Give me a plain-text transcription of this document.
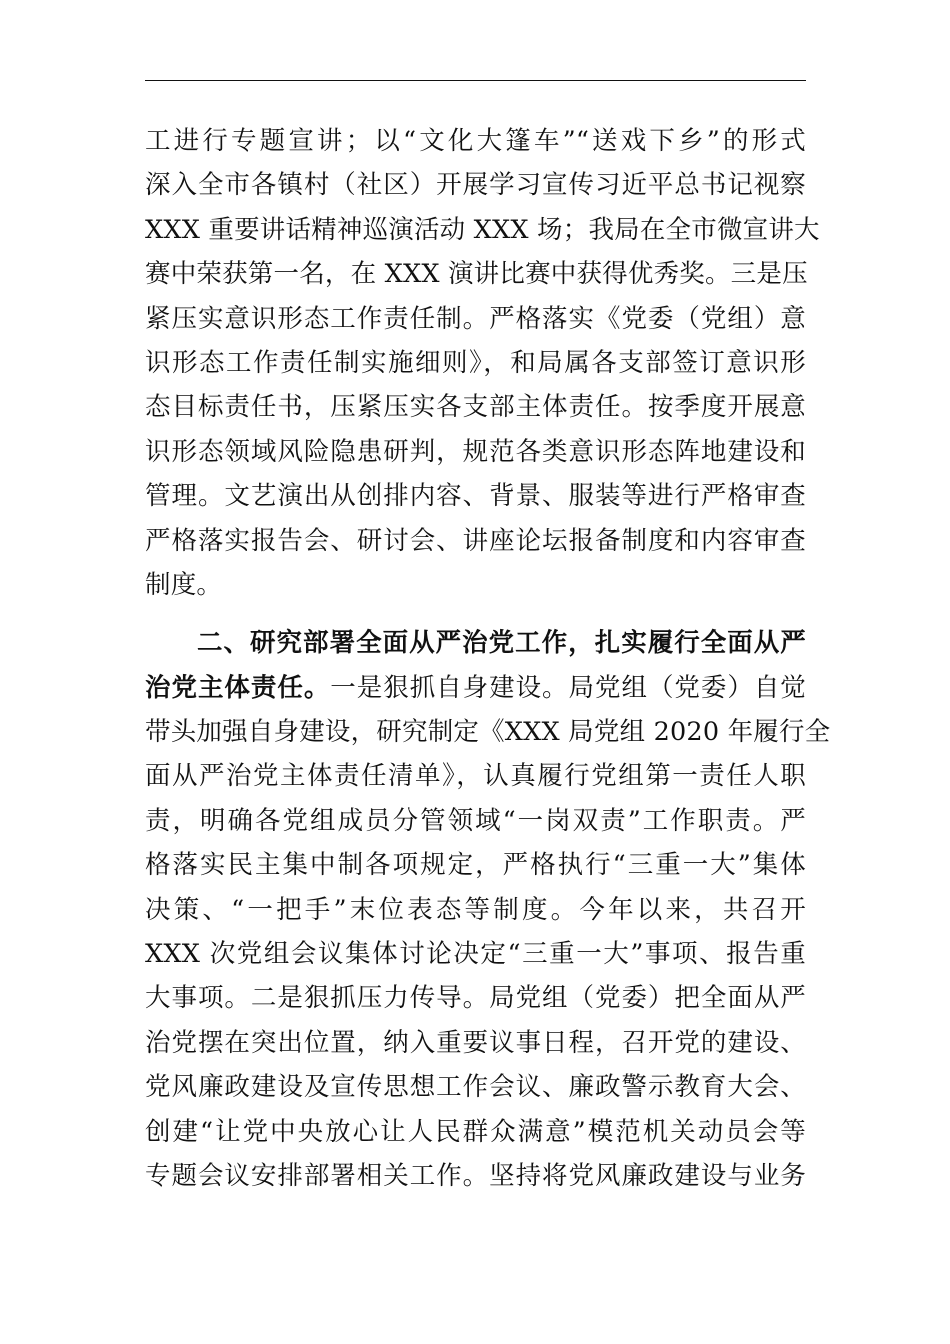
工进行专题宣讲；以“文化大篷车”“送戏下乡”的形式
深入全市各镇村（社区）开展学习宣传习近平总书记视察
XXX 重要讲话精神巡演活动 XXX 场；我局在全市微宣讲大
赛中荣获第一名，在 XXX 演讲比赛中获得优秀奖。三是压
紧压实意识形态工作责任制。严格落实《党委（党组）意
识形态工作责任制实施细则》，和局属各支部签订意识形
态目标责任书，压紧压实各支部主体责任。按季度开展意
识形态领域风险隐患研判，规范各类意识形态阵地建设和
管理。文艺演出从创排内容、背景、服装等进行严格审查
严格落实报告会、研讨会、讲座论坛报备制度和内容审查
制度。
二、研究部署全面从严治党工作，扎实履行全面从严
治党主体责任。一是狠抓自身建设。局党组（党委）自觉
带头加强自身建设，研究制定《XXX 局党组 2020 年履行全
面从严治党主体责任清单》，认真履行党组第一责任人职
责，明确各党组成员分管领域“一岗双责”工作职责。严
格落实民主集中制各项规定，严格执行“三重一大”集体
决策、“一把手”末位表态等制度。今年以来，共召开
XXX 次党组会议集体讨论决定“三重一大”事项、报告重
大事项。二是狠抓压力传导。局党组（党委）把全面从严
治党摆在突出位置，纳入重要议事日程，召开党的建设、
党风廉政建设及宣传思想工作会议、廉政警示教育大会、
创建“让党中央放心让人民群众满意”模范机关动员会等
专题会议安排部署相关工作。坚持将党风廉政建设与业务
